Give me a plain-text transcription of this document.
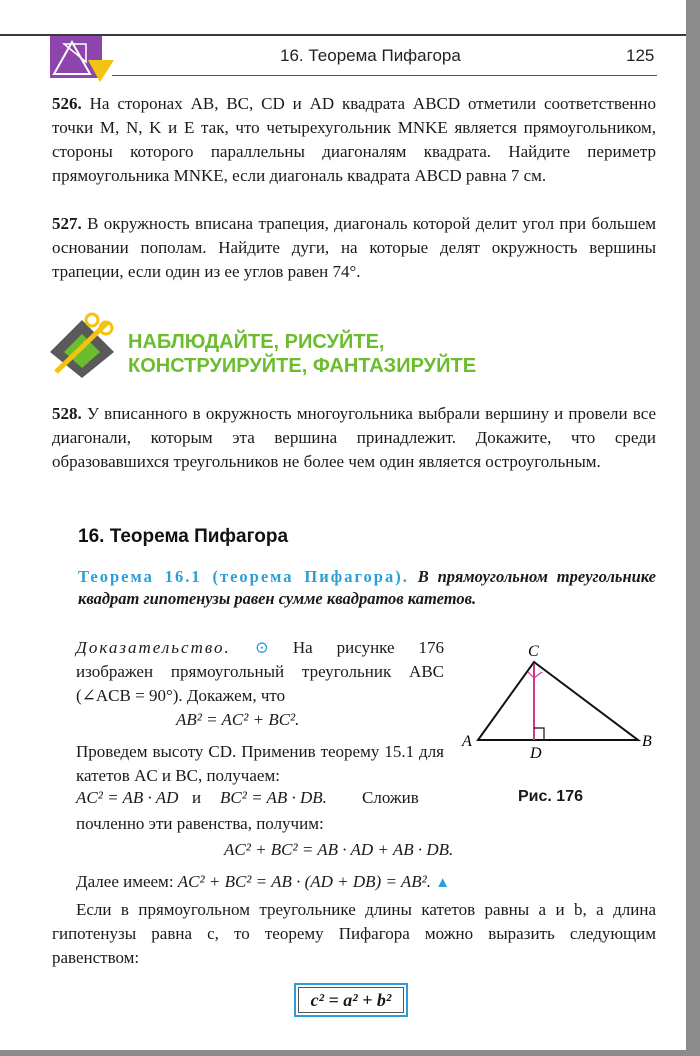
16. Теорема Пифагора	125
526. На сторонах AB, BC, CD и AD квадрата ABCD отметили соответственно точки M, N, K и E так, что четырехугольник MNKE является прямоугольником, стороны которого параллельны диагоналям квадрата. Найдите периметр прямоугольника MNKE, если диагональ квадрата ABCD равна 7 см.
527. В окружность вписана трапеция, диагональ которой делит угол при большем основании пополам. Найдите дуги, на которые делят окружность вершины трапеции, если один из ее углов равен 74°.
НАБЛЮДАЙТЕ, РИСУЙТЕ,
КОНСТРУИРУЙТЕ, ФАНТАЗИРУЙТЕ
528. У вписанного в окружность многоугольника выбрали вершину и провели все диагонали, которым эта вершина принадлежит. Докажите, что среди образовавшихся треугольников не более чем один является остроугольным.
16. Теорема Пифагора
Теорема 16.1 (теорема Пифагора). В прямоугольном треугольнике квадрат гипотенузы равен сумме квадратов катетов.
Доказательство. ⊙ На рисунке 176 изображен прямоугольный треугольник ABC (∠ACB = 90°). Докажем, что
AB² = AC² + BC².
Проведем высоту CD. Применив теорему 15.1 для катетов AC и BC, получаем:
AC² = AB · AD и BC² = AB · DB. Сложив
почленно эти равенства, получим:
AC² + BC² = AB · AD + AB · DB.
Далее имеем: AC² + BC² = AB · (AD + DB) = AB². ▲
Если в прямоугольном треугольнике длины катетов равны a и b, а длина гипотенузы равна c, то теорему Пифагора можно выразить следующим равенством:
c² = a² + b²
C
A	B
D
Рис. 176
